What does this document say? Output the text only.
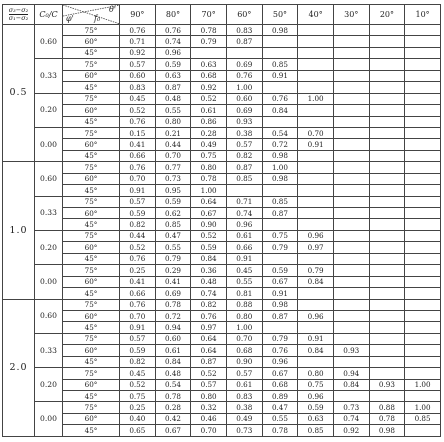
$\frac{\text{σ₃−σ₂}}{\text{σ₁−σ₂}}$	C₀/C	θ'
φ' f₀	90°	80°	70°	60°	50°	40°	30°	20°	10°
0.5	0.60	75°	0.76	0.76	0.78	0.83	0.98				
		60°	0.71	0.74	0.79	0.87					
		45°	0.92	0.96							
	0.33	75°	0.57	0.59	0.63	0.69	0.85				
		60°	0.60	0.63	0.68	0.76	0.91				
		45°	0.83	0.87	0.92	1.00					
	0.20	75°	0.45	0.48	0.52	0.60	0.76	1.00			
		60°	0.52	0.55	0.61	0.69	0.84				
		45°	0.76	0.80	0.86	0.93					
	0.00	75°	0.15	0.21	0.28	0.38	0.54	0.70			
		60°	0.41	0.44	0.49	0.57	0.72	0.91			
		45°	0.66	0.70	0.75	0.82	0.98				
1.0	0.60	75°	0.76	0.77	0.80	0.87	1.00				
		60°	0.70	0.73	0.78	0.85	0.98				
		45°	0.91	0.95	1.00						
	0.33	75°	0.57	0.59	0.64	0.71	0.85				
		60°	0.59	0.62	0.67	0.74	0.87				
		45°	0.82	0.85	0.90	0.96					
	0.20	75°	0.44	0.47	0.52	0.61	0.75	0.96			
		60°	0.52	0.55	0.59	0.66	0.79	0.97			
		45°	0.76	0.79	0.84	0.91					
	0.00	75°	0.25	0.29	0.36	0.45	0.59	0.79			
		60°	0.41	0.41	0.48	0.55	0.67	0.84			
		45°	0.66	0.69	0.74	0.81	0.91				
2.0	0.60	75°	0.76	0.78	0.82	0.88	0.98				
		60°	0.70	0.72	0.76	0.80	0.87	0.96			
		45°	0.91	0.94	0.97	1.00					
	0.33	75°	0.57	0.60	0.64	0.70	0.79	0.91			
		60°	0.59	0.61	0.64	0.68	0.76	0.84	0.93		
		45°	0.82	0.84	0.87	0.90	0.96				
	0.20	75°	0.45	0.48	0.52	0.57	0.67	0.80	0.94		
		60°	0.52	0.54	0.57	0.61	0.68	0.75	0.84	0.93	1.00
		45°	0.75	0.78	0.80	0.83	0.89	0.96			
	0.00	75°	0.25	0.28	0.32	0.38	0.47	0.59	0.73	0.88	1.00
		60°	0.40	0.42	0.46	0.49	0.55	0.63	0.74	0.78	0.85
		45°	0.65	0.67	0.70	0.73	0.78	0.85	0.92	0.98	
